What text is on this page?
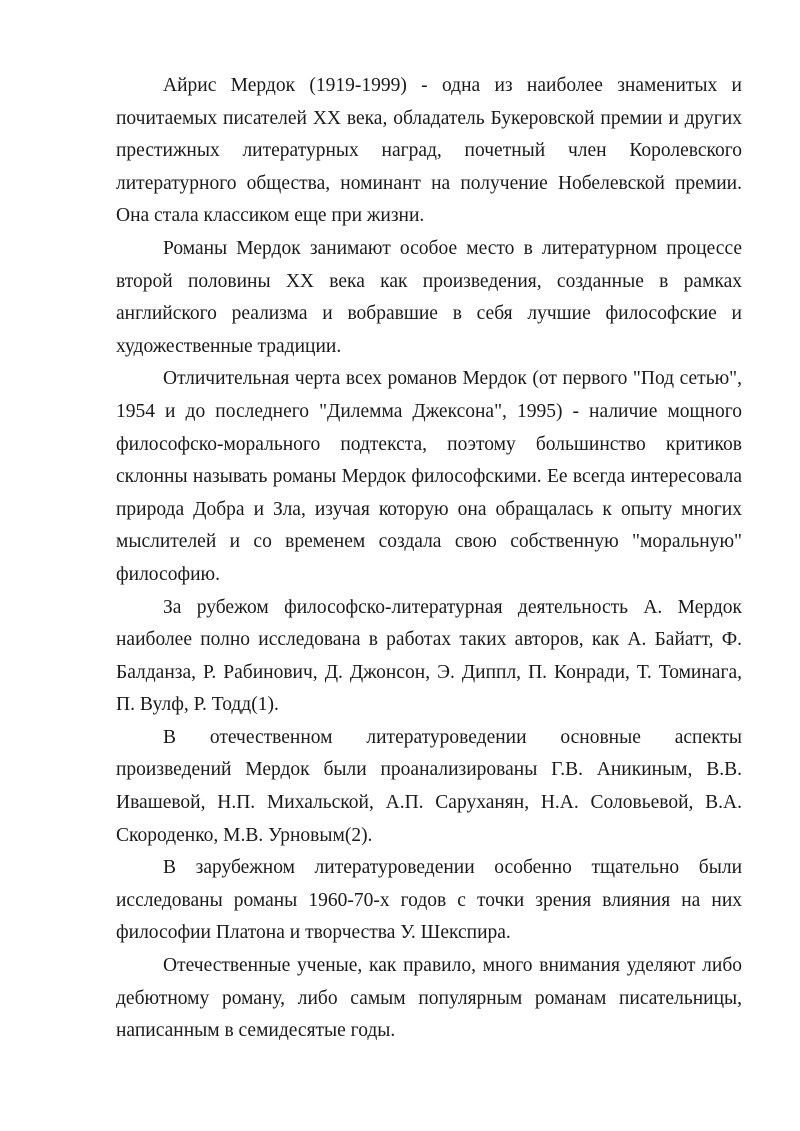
Айрис Мердок (1919-1999) - одна из наиболее знаменитых и почитаемых писателей XX века, обладатель Букеровской премии и других престижных литературных наград, почетный член Королевского литературного общества, номинант на получение Нобелевской премии. Она стала классиком еще при жизни.

Романы Мердок занимают особое место в литературном процессе второй половины XX века как произведения, созданные в рамках английского реализма и вобравшие в себя лучшие философские и художественные традиции.

Отличительная черта всех романов Мердок (от первого "Под сетью", 1954 и до последнего "Дилемма Джексона", 1995) - наличие мощного философско-морального подтекста, поэтому большинство критиков склонны называть романы Мердок философскими. Ее всегда интересовала природа Добра и Зла, изучая которую она обращалась к опыту многих мыслителей и со временем создала свою собственную "моральную" философию.

За рубежом философско-литературная деятельность А. Мердок наиболее полно исследована в работах таких авторов, как А. Байатт, Ф. Балданза, Р. Рабинович, Д. Джонсон, Э. Диппл, П. Конради, Т. Томинага, П. Вулф, Р. Тодд(1).

В отечественном литературоведении основные аспекты произведений Мердок были проанализированы Г.В. Аникиным, В.В. Ивашевой, Н.П. Михальской, А.П. Саруханян, Н.А. Соловьевой, В.А. Скороденко, М.В. Урновым(2).

В зарубежном литературоведении особенно тщательно были исследованы романы 1960-70-х годов с точки зрения влияния на них философии Платона и творчества У. Шекспира.

Отечественные ученые, как правило, много внимания уделяют либо дебютному роману, либо самым популярным романам писательницы, написанным в семидесятые годы.
